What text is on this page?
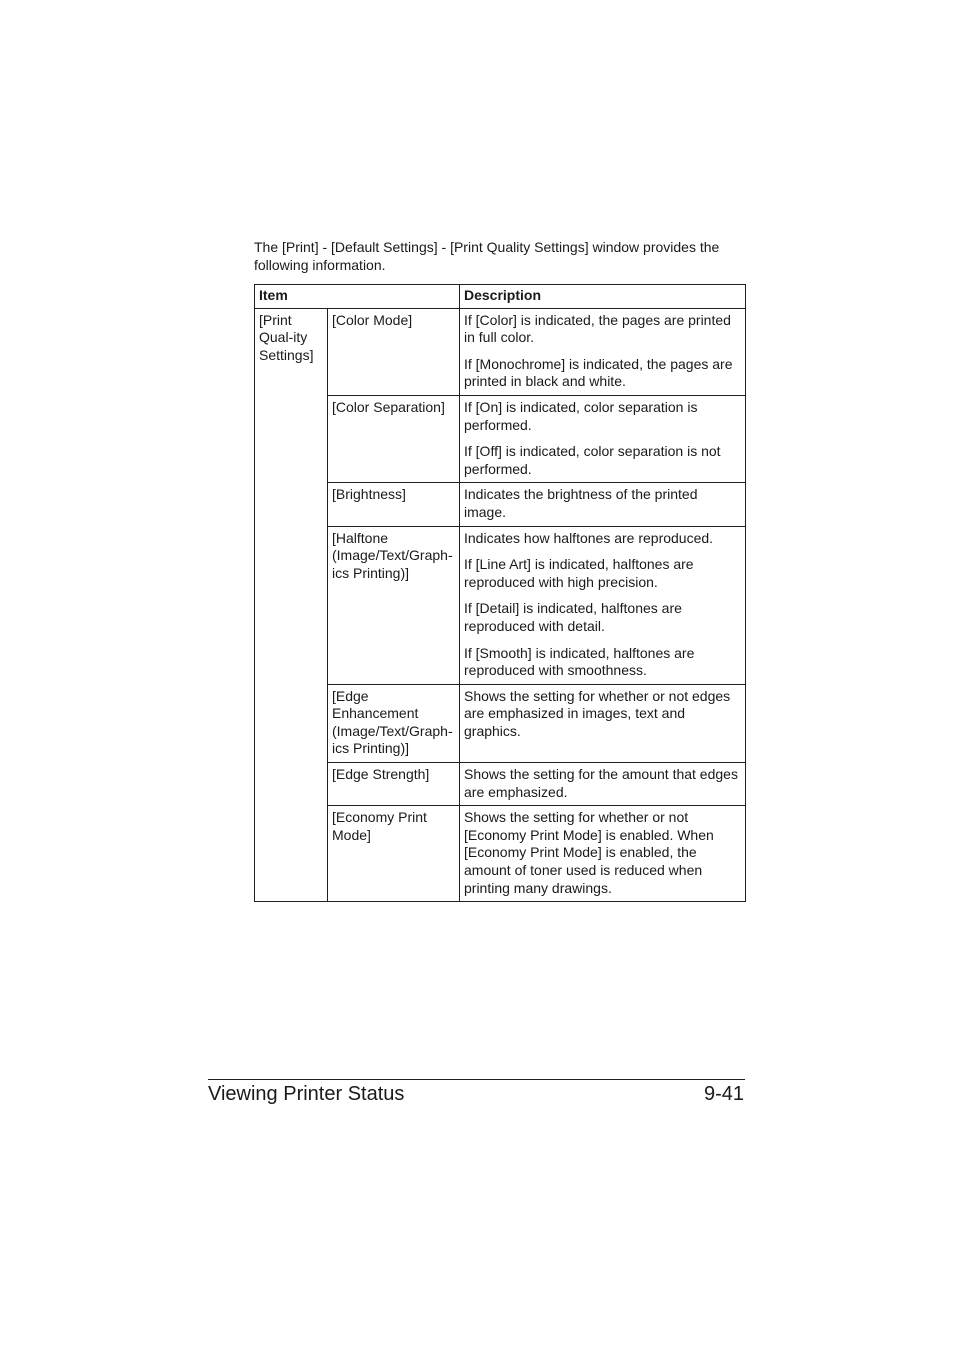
The [Print] - [Default Settings] - [Print Quality Settings] window provides the following information.

Item		Description
[Print Qual-ity Settings]	[Color Mode]	If [Color] is indicated, the pages are printed in full color.

If [Monochrome] is indicated, the pages are printed in black and white.

	[Color Separation]	If [On] is indicated, color separation is performed.

If [Off] is indicated, color separation is not performed.

	[Brightness]	Indicates the brightness of the printed image.

	[Halftone (Image/Text/Graph-ics Printing)]	Indicates how halftones are reproduced.

If [Line Art] is indicated, halftones are reproduced with high precision.

If [Detail] is indicated, halftones are reproduced with detail.

If [Smooth] is indicated, halftones are reproduced with smoothness.

	[Edge Enhancement (Image/Text/Graph-ics Printing)]	Shows the setting for whether or not edges are emphasized in images, text and graphics.

	[Edge Strength]	Shows the setting for the amount that edges are emphasized.

	[Economy Print Mode]	Shows the setting for whether or not [Economy Print Mode] is enabled. When [Economy Print Mode] is enabled, the amount of toner used is reduced when printing many drawings.

Viewing Printer Status	9-41
